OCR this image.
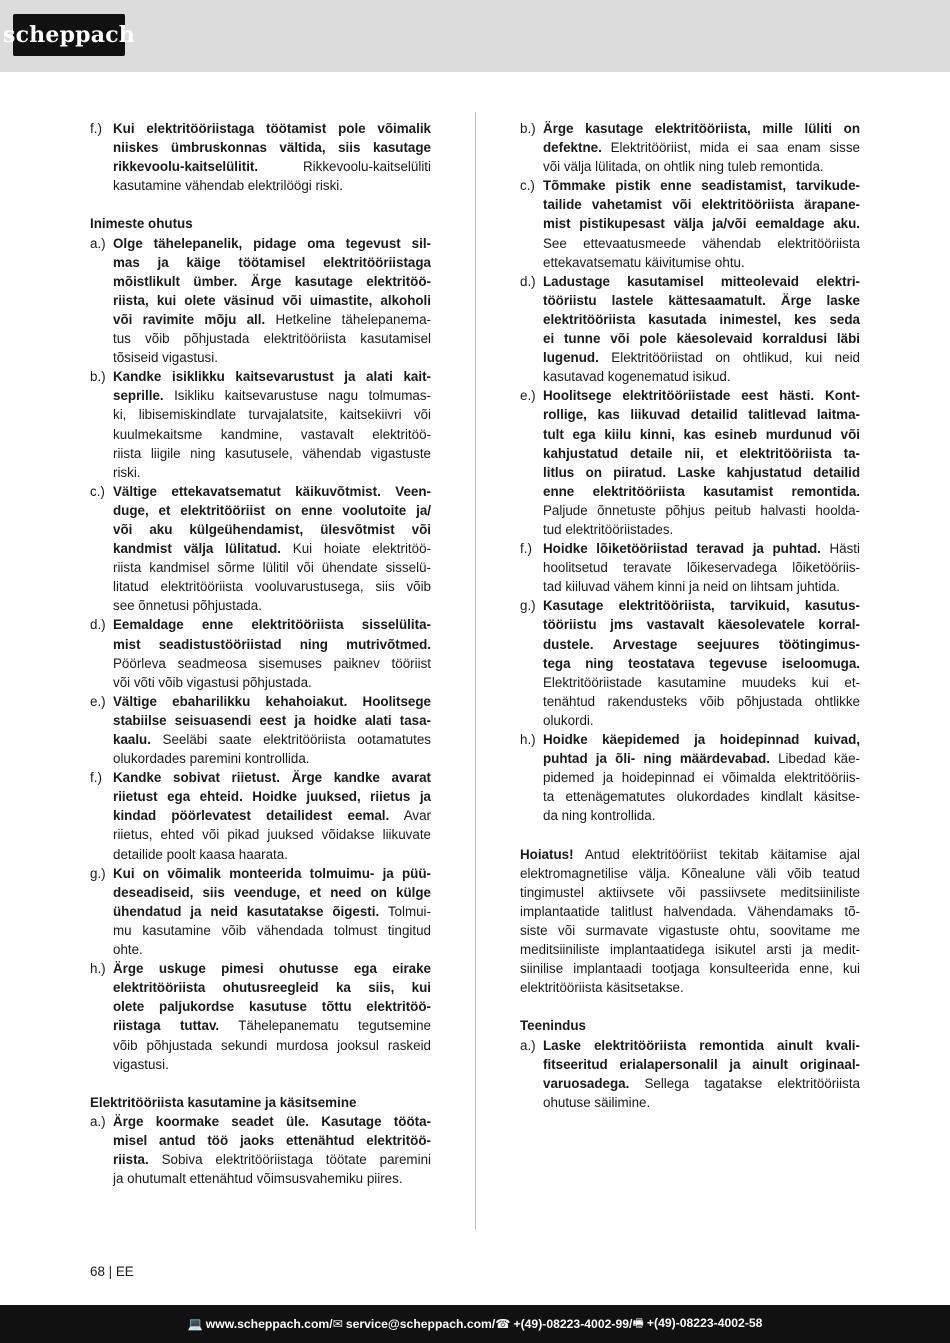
scheppach
f.) Kui elektritööriistaga töötamist pole võimalik
niiskes ümbruskonnas vältida, siis kasutage
rikkevoolu-kaitselülitit. Rikkevoolu-kaitselüliti
kasutamine vähendab elektrilöögi riski.
Inimeste ohutus
a.) Olge tähelepanelik, pidage oma tegevust sil-
mas ja käige töötamisel elektritööriistaga
mõistlikult ümber. Ärge kasutage elektritöö-
riista, kui olete väsinud või uimastite, alkoholi
või ravimite mõju all. Hetkeline tähelepanema-
tus võib põhjustada elektritööriista kasutamisel
tõsiseid vigastusi.
b.) Kandke isiklikku kaitsevarustust ja alati kait-
seprille. Isikliku kaitsevarustuse nagu tolmumas-
ki, libisemiskindlate turvajalatsite, kaitsekiivri või
kuulmekaitsme kandmine, vastavalt elektritöö-
riista liigile ning kasutusele, vähendab vigastuste
riski.
c.) Vältige ettekavatsematut käikuvõtmist. Veen-
duge, et elektritööriist on enne voolutoite ja/
või aku külgeühendamist, ülesvõtmist või
kandmist välja lülitatud. Kui hoiate elektritöö-
riista kandmisel sõrme lülitil või ühendate sisselü-
litatud elektritööriista vooluvarustusega, siis võib
see õnnetusi põhjustada.
d.) Eemaldage enne elektritööriista sisselülita-
mist seadistustööriistad ning mutrivõtmed.
Pöörleva seadmeosa sisemuses paiknev tööriist
või võti võib vigastusi põhjustada.
e.) Vältige ebaharilikku kehahoiakut. Hoolitsege
stabiilse seisuasendi eest ja hoidke alati tasa-
kaalu. Seeläbi saate elektritööriista ootamatutes
olukordades paremini kontrollida.
f.) Kandke sobivat riietust. Ärge kandke avarat
riietust ega ehteid. Hoidke juuksed, riietus ja
kindad pöörlevatest detailidest eemal. Avar
riietus, ehted või pikad juuksed võidakse liikuvate
detailide poolt kaasa haarata.
g.) Kui on võimalik monteerida tolmuimu- ja püü-
deseadiseid, siis veenduge, et need on külge
ühendatud ja neid kasutatakse õigesti. Tolmui-
mu kasutamine võib vähendada tolmust tingitud
ohte.
h.) Ärge uskuge pimesi ohutusse ega eirake
elektritööriista ohutusreegleid ka siis, kui
olete paljukordse kasutuse tõttu elektritöö-
riistaga tuttav. Tähelepanematu tegutsemine
võib põhjustada sekundi murdosa jooksul raskeid
vigastusi.
Elektritööriista kasutamine ja käsitsemine
a.) Ärge koormake seadet üle. Kasutage tööta-
misel antud töö jaoks ettenähtud elektritöö-
riista. Sobiva elektritööriistaga töötate paremini
ja ohutumalt ettenähtud võimsusvahemiku piires.
b.) Ärge kasutage elektritööriista, mille lüliti on
defektne. Elektritööriist, mida ei saa enam sisse
või välja lülitada, on ohtlik ning tuleb remontida.
c.) Tõmmake pistik enne seadistamist, tarvikude-
tailide vahetamist või elektritööriista ärapane-
mist pistikupesast välja ja/või eemaldage aku.
See ettevaatusmeede vähendab elektritööriista
ettekavatsematu käivitumise ohtu.
d.) Ladustage kasutamisel mitteolevaid elektri-
tööriistu lastele kättesaamatult. Ärge laske
elektritööriista kasutada inimestel, kes seda
ei tunne või pole käesolevaid korraldusi läbi
lugenud. Elektritööriistad on ohtlikud, kui neid
kasutavad kogenematud isikud.
e.) Hoolitsege elektritööriistade eest hästi. Kont-
rollige, kas liikuvad detailid talitlevad laitma-
tult ega kiilu kinni, kas esineb murdunud või
kahjustatud detaile nii, et elektritööriista ta-
litlus on piiratud. Laske kahjustatud detailid
enne elektritööriista kasutamist remontida.
Paljude õnnetuste põhjus peitub halvasti hoolda-
tud elektritööriistades.
f.) Hoidke lõiketööriistad teravad ja puhtad. Hästi
hoolitsetud teravate lõikeservadega lõiketööriis-
tad kiiluvad vähem kinni ja neid on lihtsam juhtida.
g.) Kasutage elektritööriista, tarvikuid, kasutus-
tööriistu jms vastavalt käesolevatele korral-
dustele. Arvestage seejuures töötingimus-
tega ning teostatava tegevuse iseloomuga.
Elektritööriistade kasutamine muudeks kui et-
tenähtud rakendusteks võib põhjustada ohtlikke
olukordi.
h.) Hoidke käepidemed ja hoidepinnad kuivad,
puhtad ja õli- ning määrdevabad. Libedad käe-
pidemed ja hoidepinnad ei võimalda elektritööriis-
ta ettenägematutes olukordades kindlalt käsitse-
da ning kontrollida.
Hoiatus! Antud elektritööriist tekitab käitamise ajal
elektromagnetilise välja. Kõnealune väli võib teatud
tingimustel aktiivsete või passiivsete meditsiiniliste
implantaatide talitlust halvendada. Vähendamaks tõ-
siste või surmavate vigastuste ohtu, soovitame me
meditsiiniliste implantaatidega isikutel arsti ja medit-
siinilise implantaadi tootjaga konsulteerida enne, kui
elektritööriista käsitsetakse.
Teenindus
a.) Laske elektritööriista remontida ainult kvali-
fitseeritud erialapersonalil ja ainult originaal-
varuosadega. Sellega tagatakse elektritööriista
ohutuse säilimine.
68 | EE
💻 www.scheppach.com / ✉ service@scheppach.com / ☎ +(49)-08223-4002-99 / 🖷 +(49)-08223-4002-58
